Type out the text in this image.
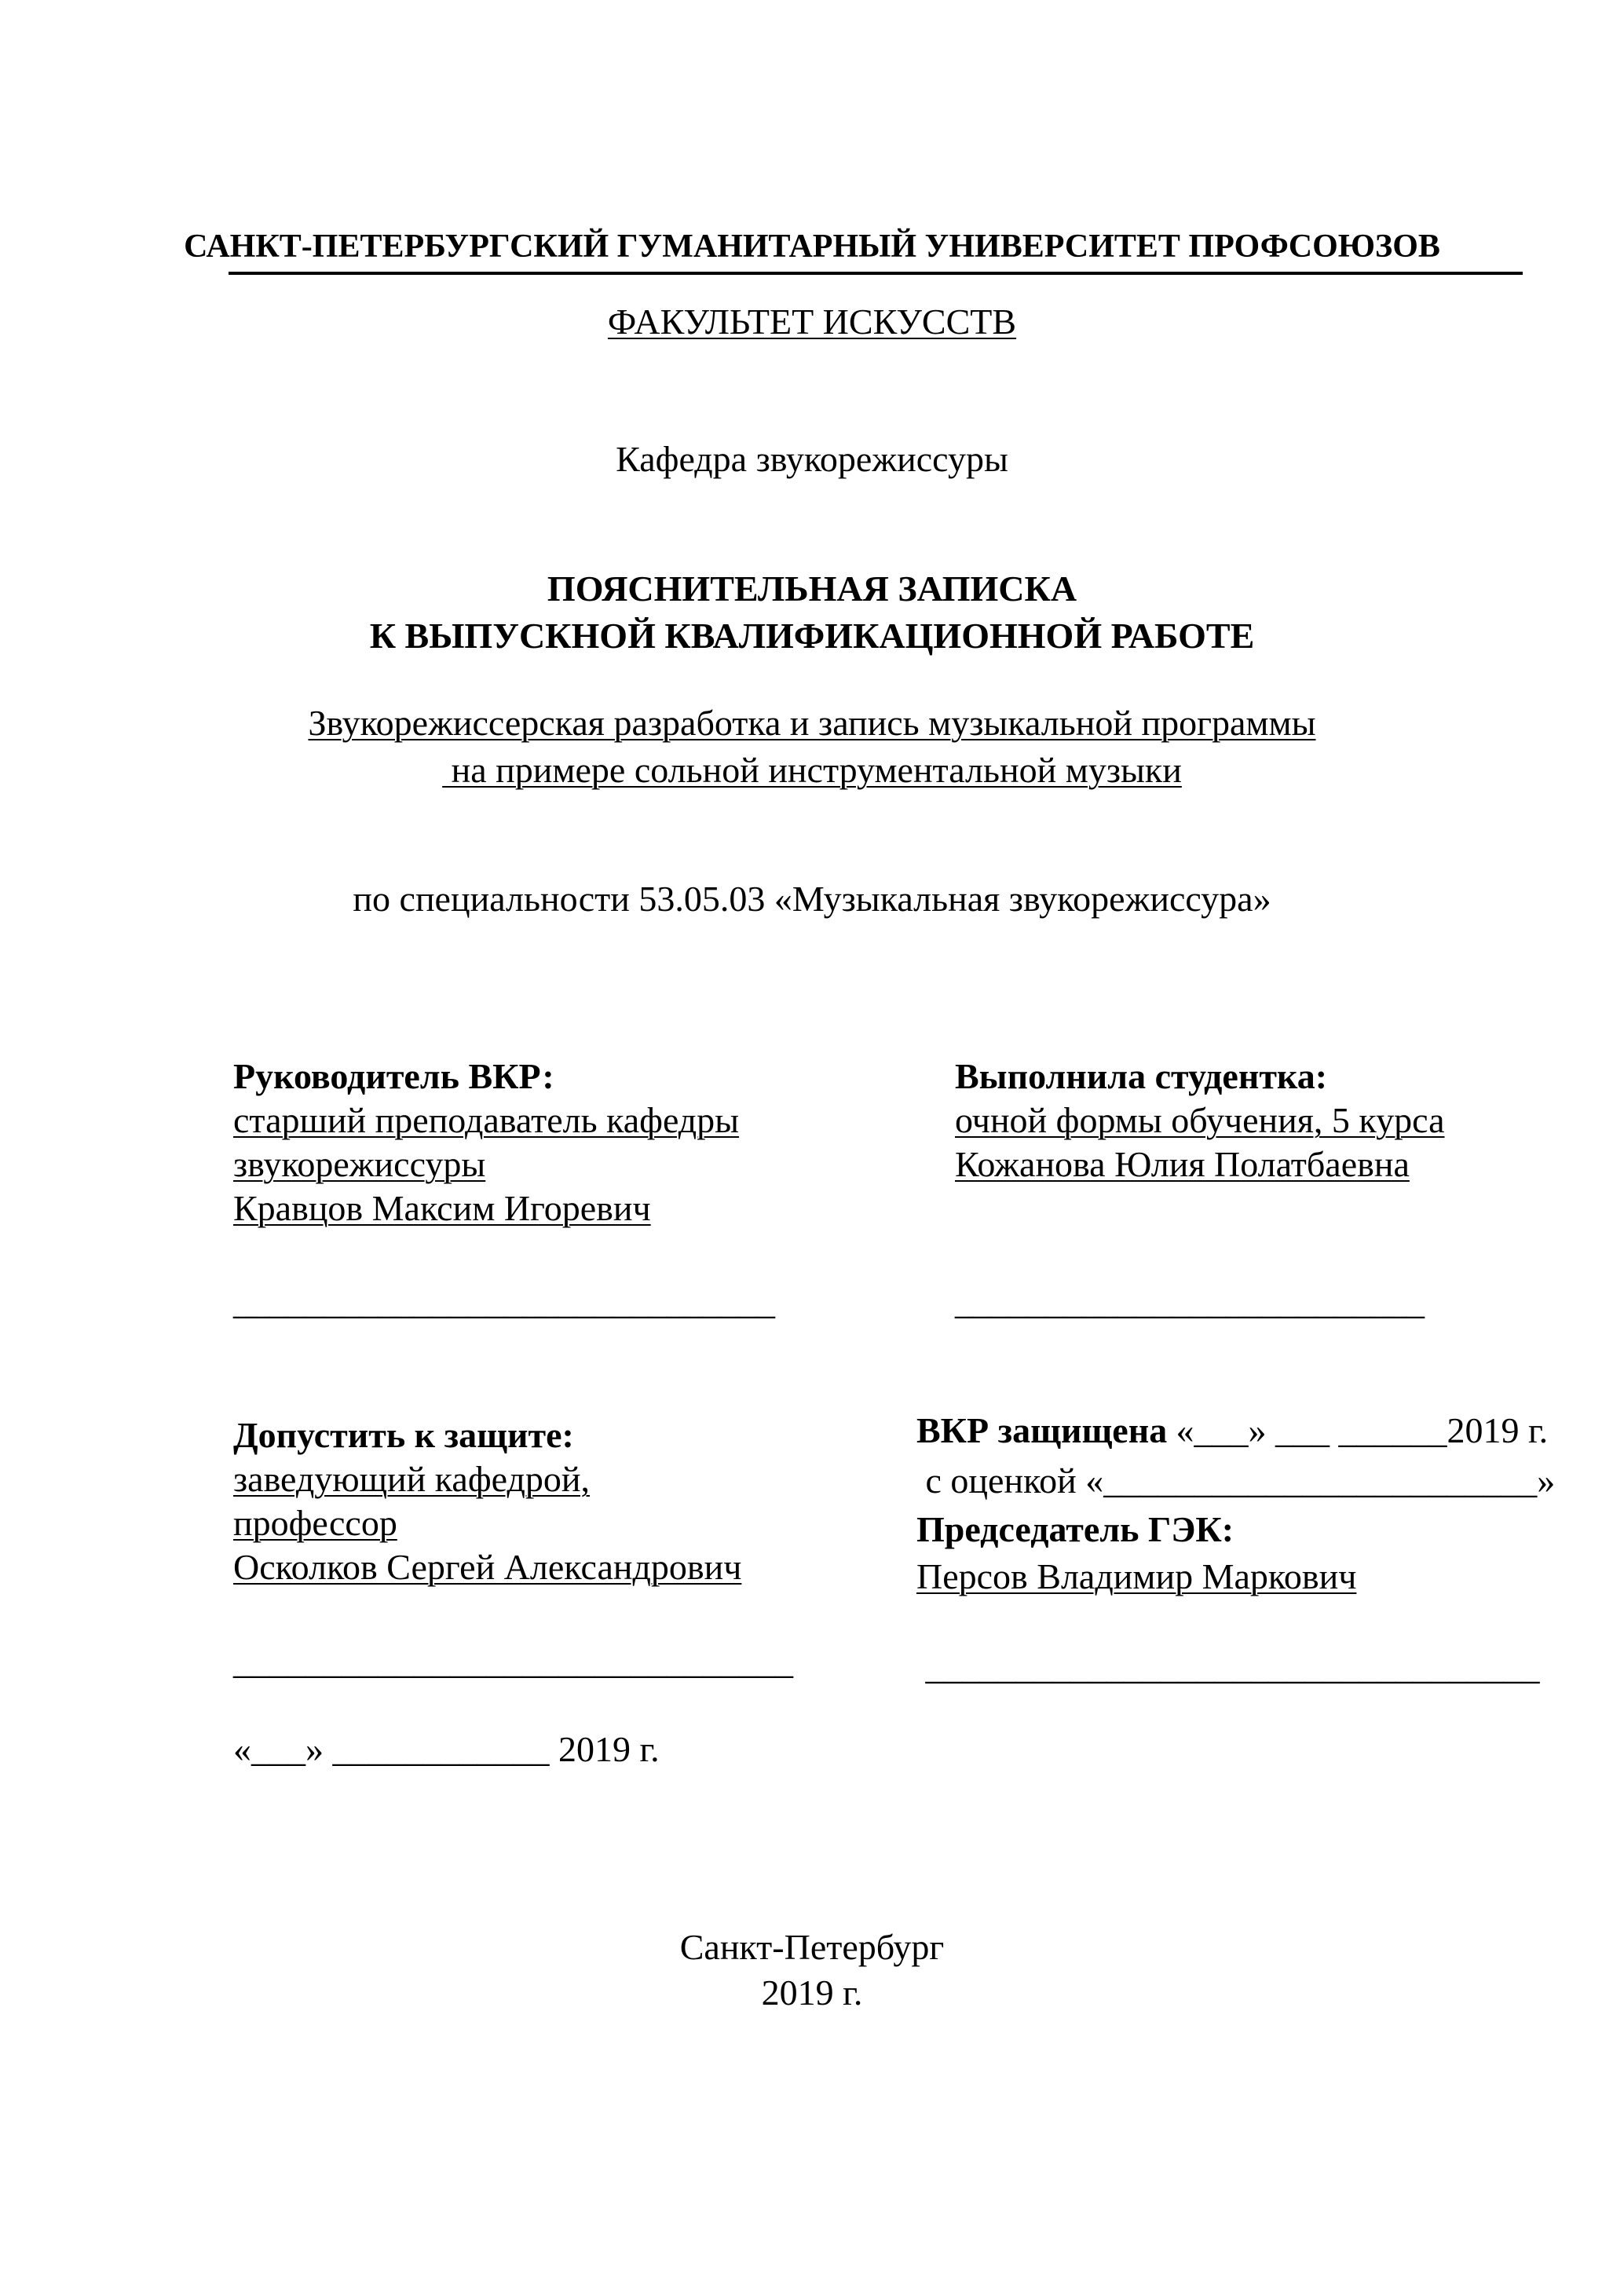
САНКТ-ПЕТЕРБУРГСКИЙ ГУМАНИТАРНЫЙ УНИВЕРСИТЕТ ПРОФСОЮЗОВ
ФАКУЛЬТЕТ ИСКУССТВ
Кафедра звукорежиссуры
ПОЯСНИТЕЛЬНАЯ ЗАПИСКА
К ВЫПУСКНОЙ КВАЛИФИКАЦИОННОЙ РАБОТЕ
Звукорежиссерская разработка и запись музыкальной программы
на примере сольной инструментальной музыки
по специальности 53.05.03 «Музыкальная звукорежиссура»
Руководитель ВКР:
старший преподаватель кафедры
звукорежиссуры
Кравцов Максим Игоревич
______________________________
Выполнила студентка:
очной формы обучения, 5 курса
Кожанова Юлия Полатбаевна
__________________________
Допустить к защите:
заведующий кафедрой,
профессор
Осколков Сергей Александрович
_______________________________
«___» ____________ 2019 г.
ВКР защищена «___» ___ ______2019 г.
с оценкой «________________________»
Председатель ГЭК:
Персов Владимир Маркович
__________________________________
Санкт-Петербург
2019 г.
